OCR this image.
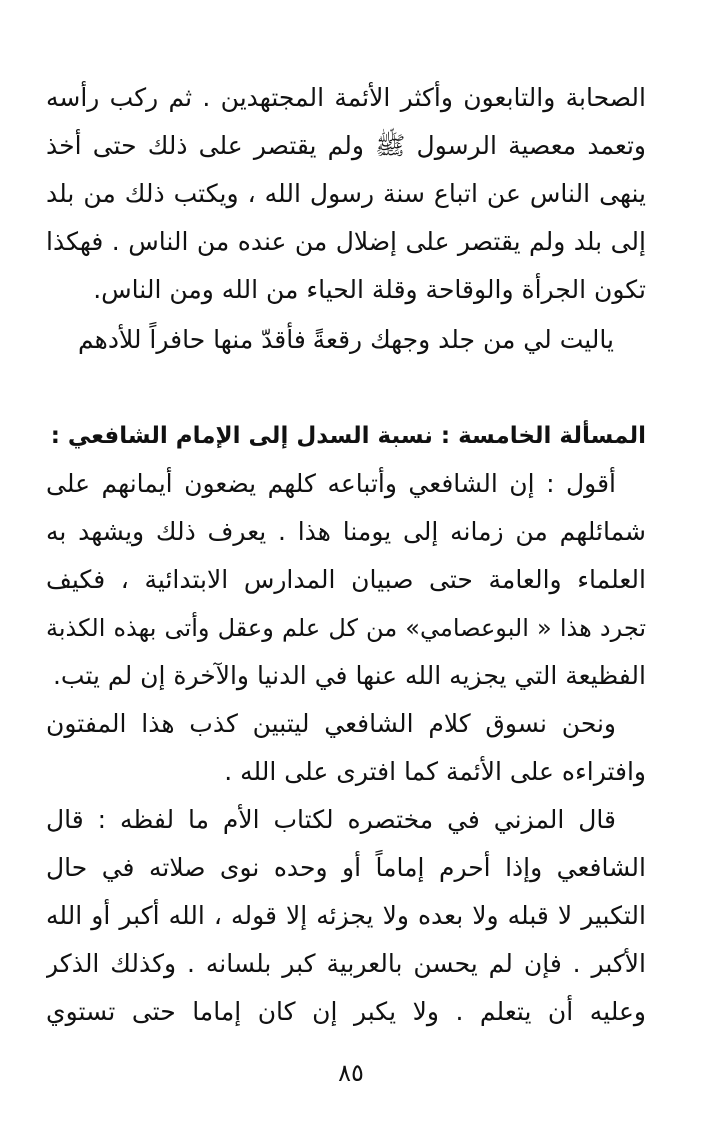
الصحابة والتابعون وأكثر الأئمة المجتهدين . ثم ركب رأسه
وتعمد معصية الرسول ﷺ ولم يقتصر على ذلك حتى أخذ
ينهى الناس عن اتباع سنة رسول الله ، ويكتب ذلك من بلد
إلى بلد ولم يقتصر على إضلال من عنده من الناس . فهكذا
تكون الجرأة والوقاحة وقلة الحياء من الله ومن الناس.
ياليت لي من جلد وجهك رقعةً
فأقدّ منها حافراً للأدهم
المسألة الخامسة : نسبة السدل إلى الإمام الشافعي :
أقول : إن الشافعي وأتباعه كلهم يضعون أيمانهم على
شمائلهم من زمانه إلى يومنا هذا . يعرف ذلك ويشهد به
العلماء والعامة حتى صبيان المدارس الابتدائية ، فكيف
تجرد هذا « البوعصامي» من كل علم وعقل وأتى بهذه الكذبة
الفظيعة التي يجزيه الله عنها في الدنيا والآخرة إن لم يتب.
ونحن نسوق كلام الشافعي ليتبين كذب هذا المفتون
وافتراءه على الأئمة كما افترى على الله .
قال المزني في مختصره لكتاب الأم ما لفظه : قال
الشافعي وإذا أحرم إماماً أو وحده نوى صلاته في حال
التكبير لا قبله ولا بعده ولا يجزئه إلا قوله ، الله أكبر أو الله
الأكبر . فإن لم يحسن بالعربية كبر بلسانه . وكذلك الذكر
وعليه أن يتعلم . ولا يكبر إن كان إماما حتى تستوي
٨٥
